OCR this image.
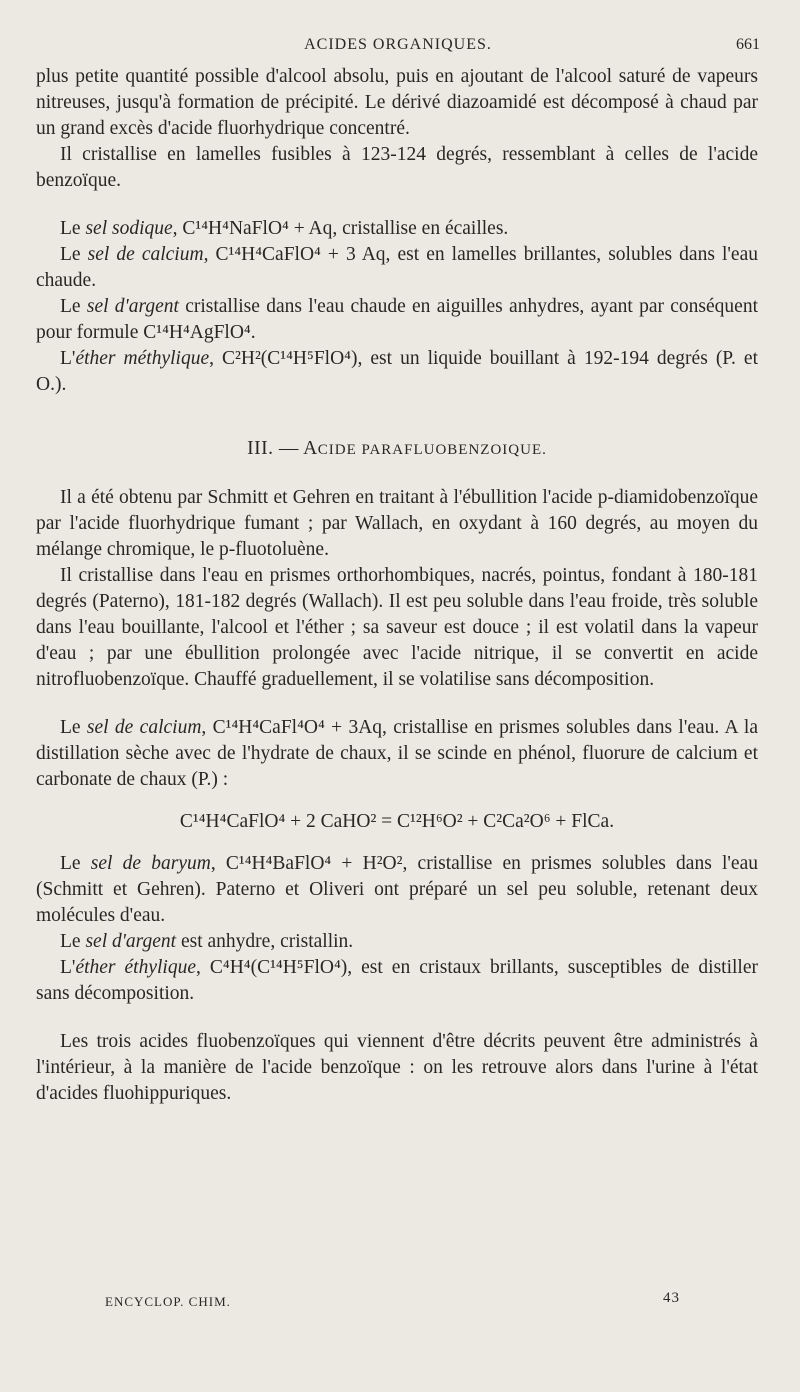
ACIDES ORGANIQUES.	661

plus petite quantité possible d'alcool absolu, puis en ajoutant de l'alcool saturé de vapeurs nitreuses, jusqu'à formation de précipité. Le dérivé diazoamidé est décomposé à chaud par un grand excès d'acide fluorhydrique concentré.

Il cristallise en lamelles fusibles à 123-124 degrés, ressemblant à celles de l'acide benzoïque.

Le sel sodique, C¹⁴H⁴NaFlO⁴ + Aq, cristallise en écailles.

Le sel de calcium, C¹⁴H⁴CaFlO⁴ + 3 Aq, est en lamelles brillantes, solubles dans l'eau chaude.

Le sel d'argent cristallise dans l'eau chaude en aiguilles anhydres, ayant par conséquent pour formule C¹⁴H⁴AgFlO⁴.

L'éther méthylique, C²H²(C¹⁴H⁵FlO⁴), est un liquide bouillant à 192-194 degrés (P. et O.).

III. — ACIDE PARAFLUOBENZOIQUE.

Il a été obtenu par Schmitt et Gehren en traitant à l'ébullition l'acide p-diamidobenzoïque par l'acide fluorhydrique fumant ; par Wallach, en oxydant à 160 degrés, au moyen du mélange chromique, le p-fluotoluène.

Il cristallise dans l'eau en prismes orthorhombiques, nacrés, pointus, fondant à 180-181 degrés (Paterno), 181-182 degrés (Wallach). Il est peu soluble dans l'eau froide, très soluble dans l'eau bouillante, l'alcool et l'éther ; sa saveur est douce ; il est volatil dans la vapeur d'eau ; par une ébullition prolongée avec l'acide nitrique, il se convertit en acide nitrofluobenzoïque. Chauffé graduellement, il se volatilise sans décomposition.

Le sel de calcium, C¹⁴H⁴CaFl⁴O⁴ + 3Aq, cristallise en prismes solubles dans l'eau. A la distillation sèche avec de l'hydrate de chaux, il se scinde en phénol, fluorure de calcium et carbonate de chaux (P.) :

C¹⁴H⁴CaFlO⁴ + 2 CaHO² = C¹²H⁶O² + C²Ca²O⁶ + FlCa.

Le sel de baryum, C¹⁴H⁴BaFlO⁴ + H²O², cristallise en prismes solubles dans l'eau (Schmitt et Gehren). Paterno et Oliveri ont préparé un sel peu soluble, retenant deux molécules d'eau.

Le sel d'argent est anhydre, cristallin.

L'éther éthylique, C⁴H⁴(C¹⁴H⁵FlO⁴), est en cristaux brillants, susceptibles de distiller sans décomposition.

Les trois acides fluobenzoïques qui viennent d'être décrits peuvent être administrés à l'intérieur, à la manière de l'acide benzoïque : on les retrouve alors dans l'urine à l'état d'acides fluohippuriques.

ENCYCLOP. CHIM.	43
